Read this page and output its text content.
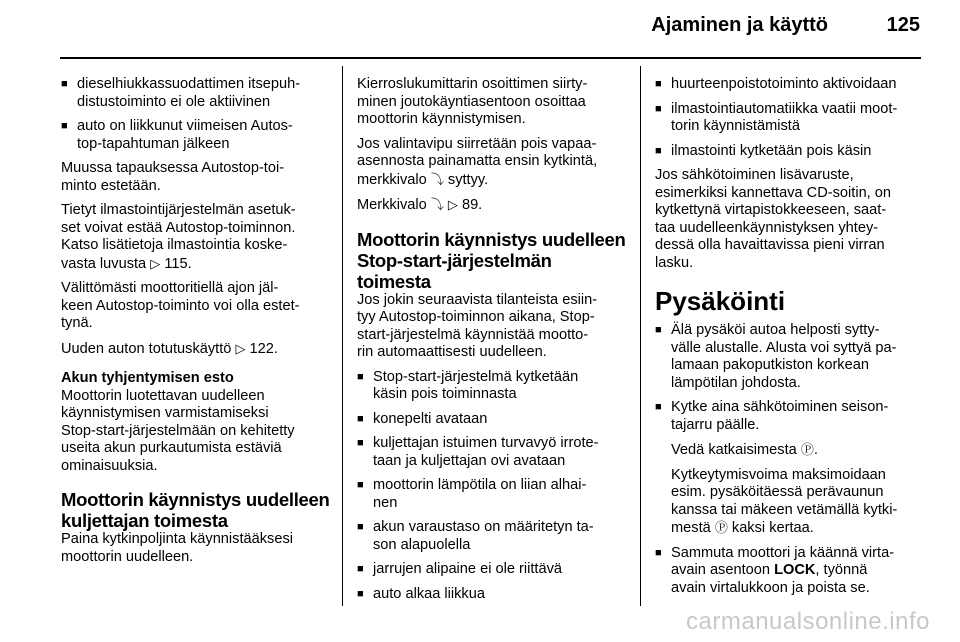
Ajaminen ja käyttö	125
■ dieselhiukkassuodattimen itsepuh-
distustoiminto ei ole aktiivinen
■ auto on liikkunut viimeisen Autos-
top-tapahtuman jälkeen
Muussa tapauksessa Autostop-toi-
minto estetään.
Tietyt ilmastointijärjestelmän asetuk-
set voivat estää Autostop-toiminnon.
Katso lisätietoja ilmastointia koske-
vasta luvusta ▷ 115.
Välittömästi moottoritiellä ajon jäl-
keen Autostop-toiminto voi olla estet-
tynä.
Uuden auton totutuskäyttö ▷ 122.
Akun tyhjentymisen esto
Moottorin luotettavan uudelleen
käynnistymisen varmistamiseksi
Stop-start-järjestelmään on kehitetty
useita akun purkautumista estäviä
ominaisuuksia.
Moottorin käynnistys uudelleen
kuljettajan toimesta
Paina kytkinpoljinta käynnistääksesi
moottorin uudelleen.
Kierroslukumittarin osoittimen siirty-
minen joutokäyntiasentoon osoittaa
moottorin käynnistymisen.
Jos valintavipu siirretään pois vapaa-
asennosta painamatta ensin kytkintä,
merkkivalo ⤵ syttyy.
Merkkivalo ⤵ ▷ 89.
Moottorin käynnistys uudelleen
Stop-start-järjestelmän
toimesta
Jos jokin seuraavista tilanteista esiin-
tyy Autostop-toiminnon aikana, Stop-
start-järjestelmä käynnistää mootto-
rin automaattisesti uudelleen.
■ Stop-start-järjestelmä kytketään
käsin pois toiminnasta
■ konepelti avataan
■ kuljettajan istuimen turvavyö irrote-
taan ja kuljettajan ovi avataan
■ moottorin lämpötila on liian alhai-
nen
■ akun varaustaso on määritetyn ta-
son alapuolella
■ jarrujen alipaine ei ole riittävä
■ auto alkaa liikkua
■ huurteenpoistotoiminto aktivoidaan
■ ilmastointiautomatiikka vaatii moot-
torin käynnistämistä
■ ilmastointi kytketään pois käsin
Jos sähkötoiminen lisävaruste,
esimerkiksi kannettava CD-soitin, on
kytkettynä virtapistokkeeseen, saat-
taa uudelleenkäynnistyksen yhtey-
dessä olla havaittavissa pieni virran
lasku.
Pysäköinti
■ Älä pysäköi autoa helposti sytty-
välle alustalle. Alusta voi syttyä pa-
lamaan pakoputkiston korkean
lämpötilan johdosta.
■ Kytke aina sähkötoiminen seison-
tajarru päälle.
Vedä katkaisimesta Ⓟ.
Kytkeytymisvoima maksimoidaan
esim. pysäköitäessä perävaunun
kanssa tai mäkeen vetämällä kytki-
mestä Ⓟ kaksi kertaa.
■ Sammuta moottori ja käännä virta-
avain asentoon LOCK, työnnä
avain virtalukkoon ja poista se.
carmanualsonline.info
